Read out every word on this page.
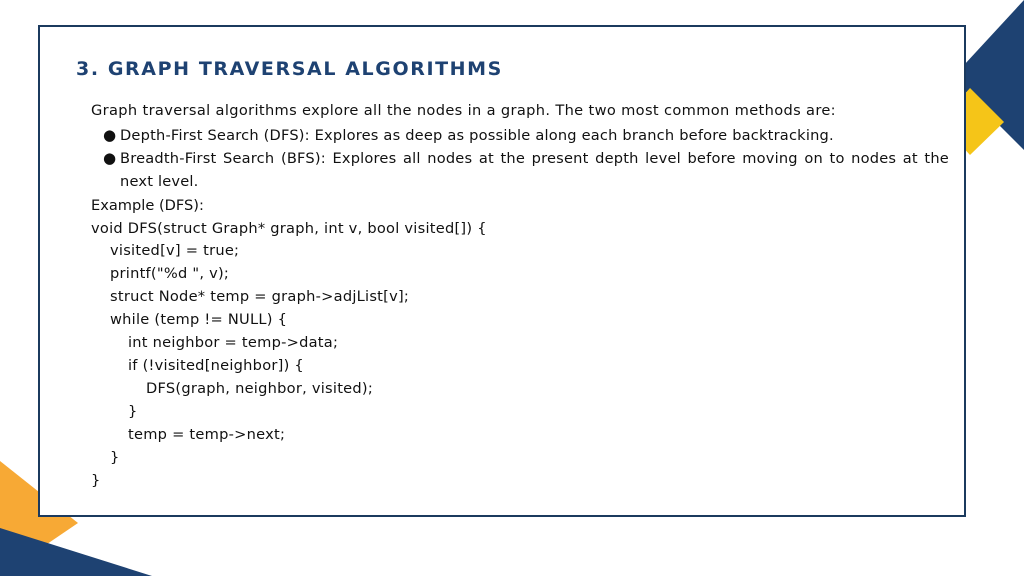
3. GRAPH TRAVERSAL ALGORITHMS
Graph traversal algorithms explore all the nodes in a graph. The two most common methods are:
● Depth-First Search (DFS): Explores as deep as possible along each branch before backtracking.
● Breadth-First Search (BFS): Explores all nodes at the present depth level before moving on to nodes at the next level.
Example (DFS):
void DFS(struct Graph* graph, int v, bool visited[]) {
visited[v] = true;
printf("%d ", v);
struct Node* temp = graph->adjList[v];
while (temp != NULL) {
int neighbor = temp->data;
if (!visited[neighbor]) {
DFS(graph, neighbor, visited);
}
temp = temp->next;
}
}
